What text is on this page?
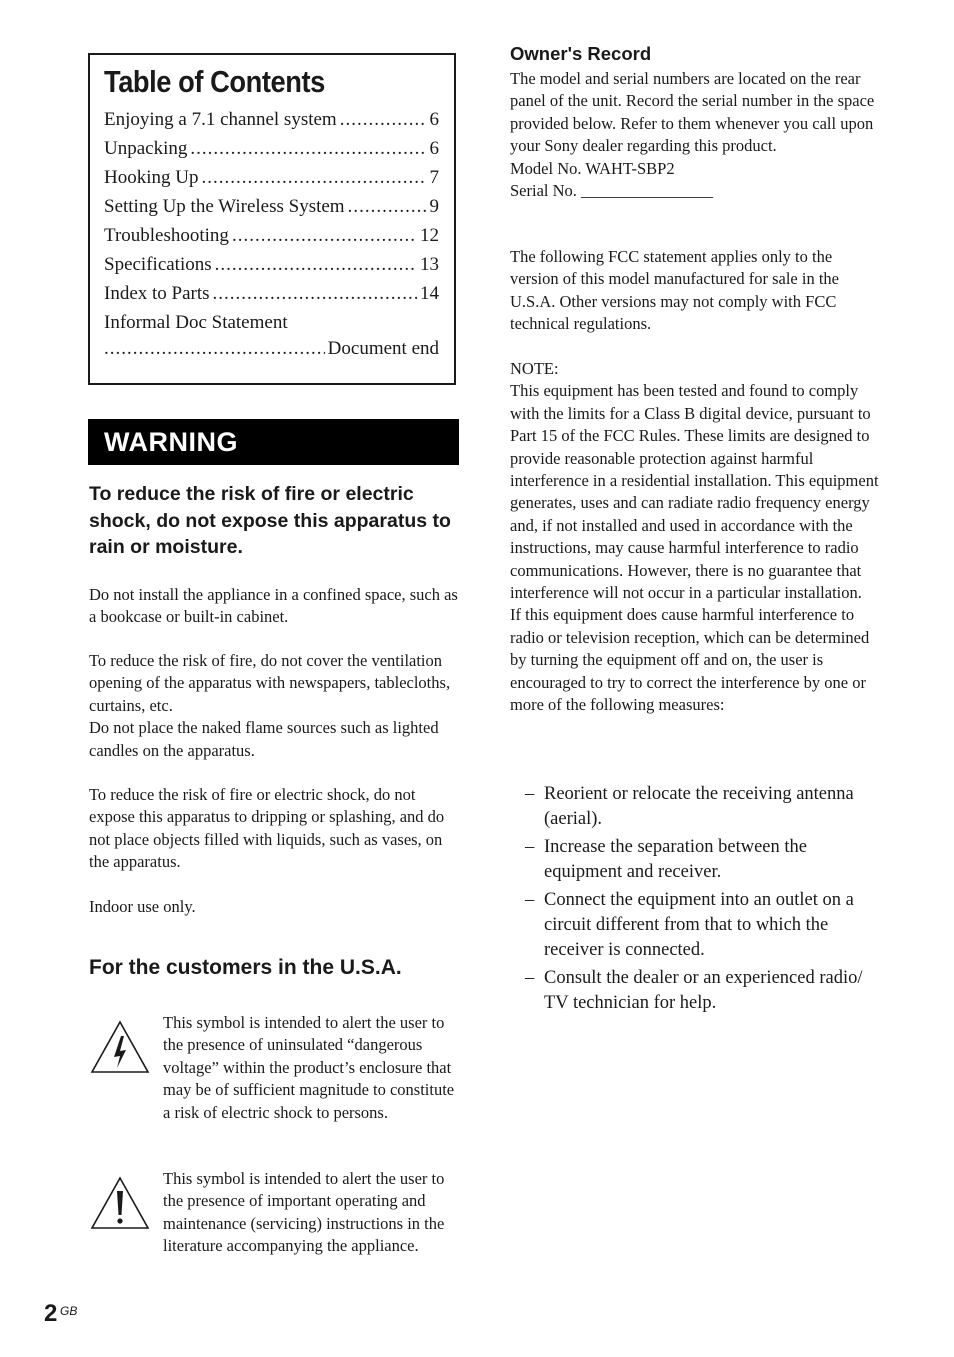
Table of Contents
Enjoying a 7.1 channel system .....	6
Unpacking .....	6
Hooking Up .....	7
Setting Up the Wireless System .....	9
Troubleshooting .....	12
Specifications .....	13
Index to Parts .....	14
Informal Doc Statement
.....
Document end
WARNING

To reduce the risk of fire or electric shock, do not expose this apparatus to rain or moisture.

Do not install the appliance in a confined space, such as a bookcase or built-in cabinet.

To reduce the risk of fire, do not cover the ventilation opening of the apparatus with newspapers, tablecloths, curtains, etc.
Do not place the naked flame sources such as lighted candles on the apparatus.

To reduce the risk of fire or electric shock, do not expose this apparatus to dripping or splashing, and do not place objects filled with liquids, such as vases, on the apparatus.

Indoor use only.

For the customers in the U.S.A.

This symbol is intended to alert the user to the presence of uninsulated “dangerous voltage” within the product’s enclosure that may be of sufficient magnitude to constitute a risk of electric shock to persons.

This symbol is intended to alert the user to the presence of important operating and maintenance (servicing) instructions in the literature accompanying the appliance.

Owner's Record

The model and serial numbers are located on the rear panel of the unit. Record the serial number in the space provided below. Refer to them whenever you call upon your Sony dealer regarding this product.
Model No. WAHT-SBP2
Serial No. ________________

The following FCC statement applies only to the version of this model manufactured for sale in the U.S.A. Other versions may not comply with FCC technical regulations.

NOTE:
This equipment has been tested and found to comply with the limits for a Class B digital device, pursuant to Part 15 of the FCC Rules. These limits are designed to provide reasonable protection against harmful interference in a residential installation. This equipment generates, uses and can radiate radio frequency energy and, if not installed and used in accordance with the instructions, may cause harmful interference to radio communications. However, there is no guarantee that interference will not occur in a particular installation.
If this equipment does cause harmful interference to radio or television reception, which can be determined by turning the equipment off and on, the user is encouraged to try to correct the interference by one or more of the following measures:

– Reorient or relocate the receiving antenna (aerial).
– Increase the separation between the equipment and receiver.
– Connect the equipment into an outlet on a circuit different from that to which the receiver is connected.
– Consult the dealer or an experienced radio/ TV technician for help.
2 GB
